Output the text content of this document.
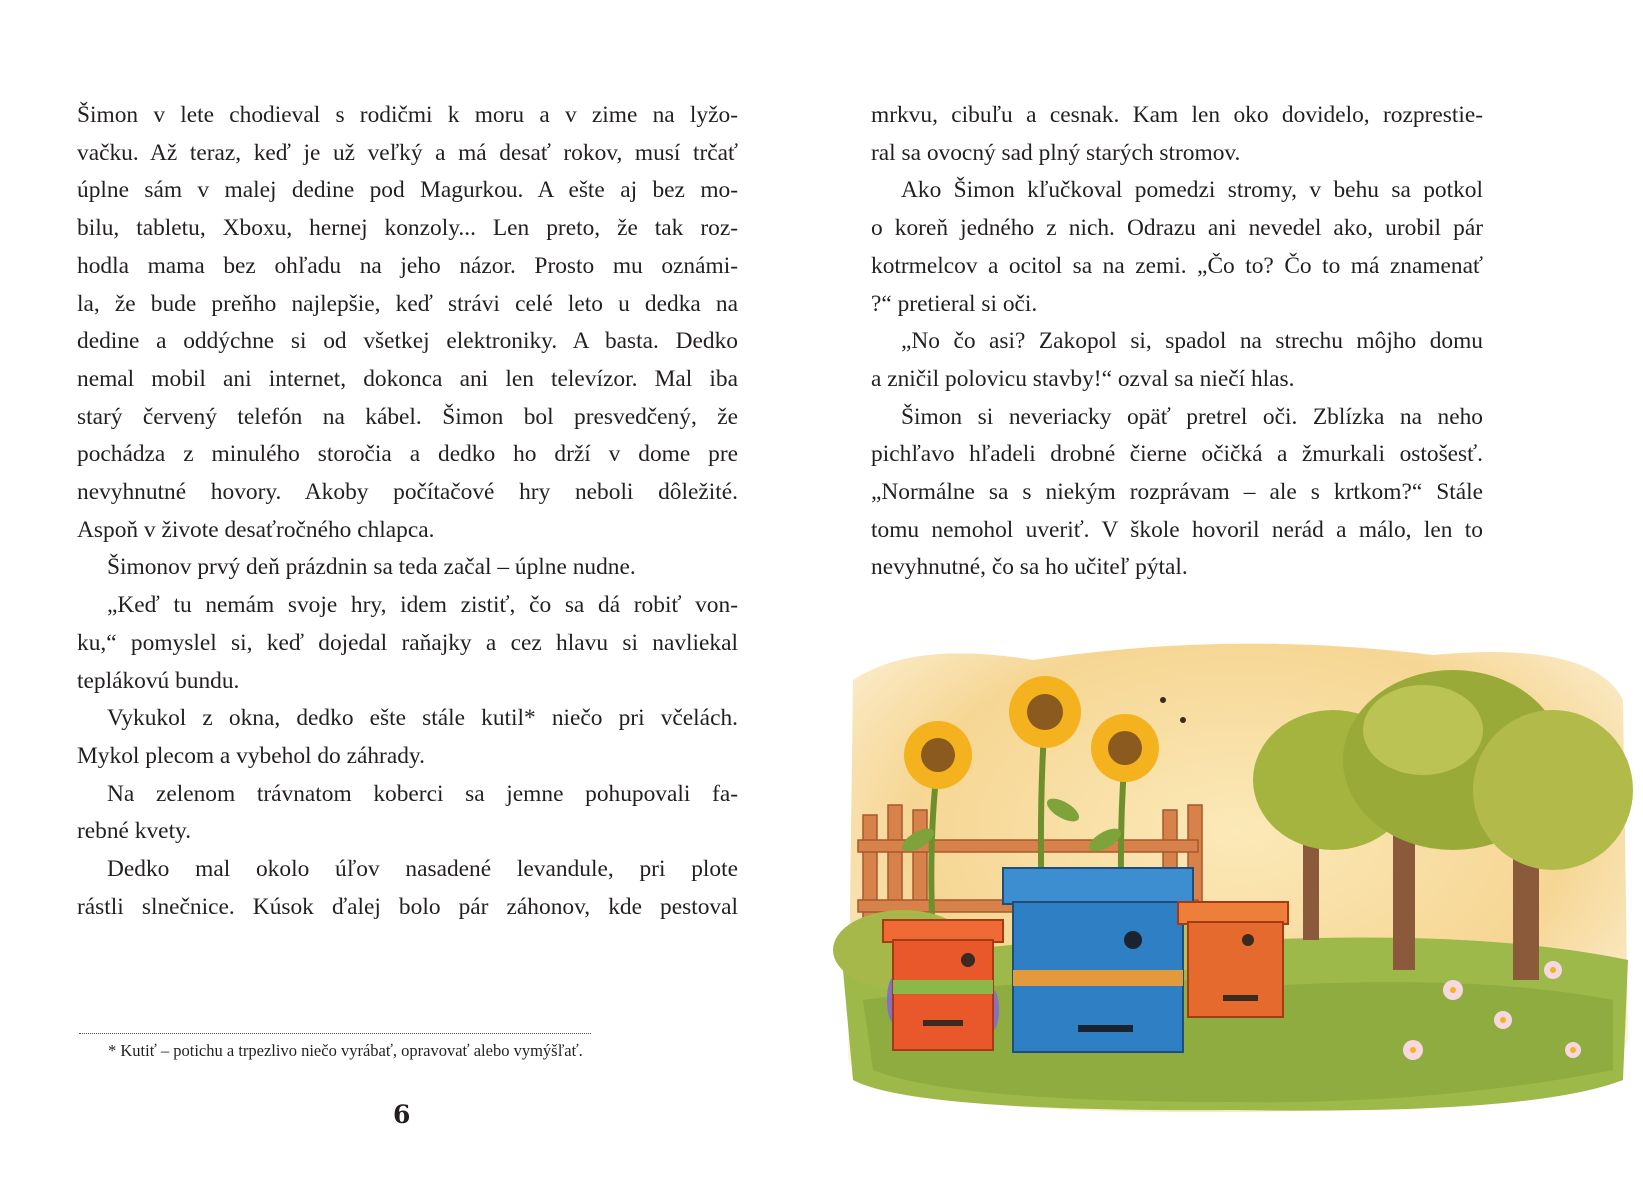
Šimon v lete chodieval s rodičmi k moru a v zime na lyžo-
vačku. Až teraz, keď je už veľký a má desať rokov, musí trčať
úplne sám v malej dedine pod Magurkou. A ešte aj bez mo-
bilu, tabletu, Xboxu, hernej konzoly... Len preto, že tak roz-
hodla mama bez ohľadu na jeho názor. Prosto mu oznámi-
la, že bude preňho najlepšie, keď strávi celé leto u dedka na
dedine a oddýchne si od všetkej elektroniky. A basta. Dedko
nemal mobil ani internet, dokonca ani len televízor. Mal iba
starý červený telefón na kábel. Šimon bol presvedčený, že
pochádza z minulého storočia a dedko ho drží v dome pre
nevyhnutné hovory. Akoby počítačové hry neboli dôležité.
Aspoň v živote desaťročného chlapca.
Šimonov prvý deň prázdnin sa teda začal – úplne nudne.
„Keď tu nemám svoje hry, idem zistiť, čo sa dá robiť von-
ku,“ pomyslel si, keď dojedal raňajky a cez hlavu si navliekal
teplákovú bundu.
Vykukol z okna, dedko ešte stále kutil* niečo pri včelách.
Mykol plecom a vybehol do záhrady.
Na zelenom trávnatom koberci sa jemne pohupovali fa-
rebné kvety.
Dedko mal okolo úľov nasadené levandule, pri plote
rástli slnečnice. Kúsok ďalej bolo pár záhonov, kde pestoval
* Kutiť – potichu a trpezlivo niečo vyrábať, opravovať alebo vymýšľať.
6
mrkvu, cibuľu a cesnak. Kam len oko dovidelo, rozprestie-
ral sa ovocný sad plný starých stromov.
Ako Šimon kľučkoval pomedzi stromy, v behu sa potkol
o koreň jedného z nich. Odrazu ani nevedel ako, urobil pár
kotrmelcov a ocitol sa na zemi. „Čo to? Čo to má znamenať
?“ pretieral si oči.
„No čo asi? Zakopol si, spadol na strechu môjho domu
a zničil polovicu stavby!“ ozval sa niečí hlas.
Šimon si neveriacky opäť pretrel oči. Zblízka na neho
pichľavo hľadeli drobné čierne očičká a žmurkali ostošesť.
„Normálne sa s niekým rozprávam – ale s krtkom?“ Stále
tomu nemohol uveriť. V škole hovoril nerád a málo, len to
nevyhnutné, čo sa ho učiteľ pýtal.
